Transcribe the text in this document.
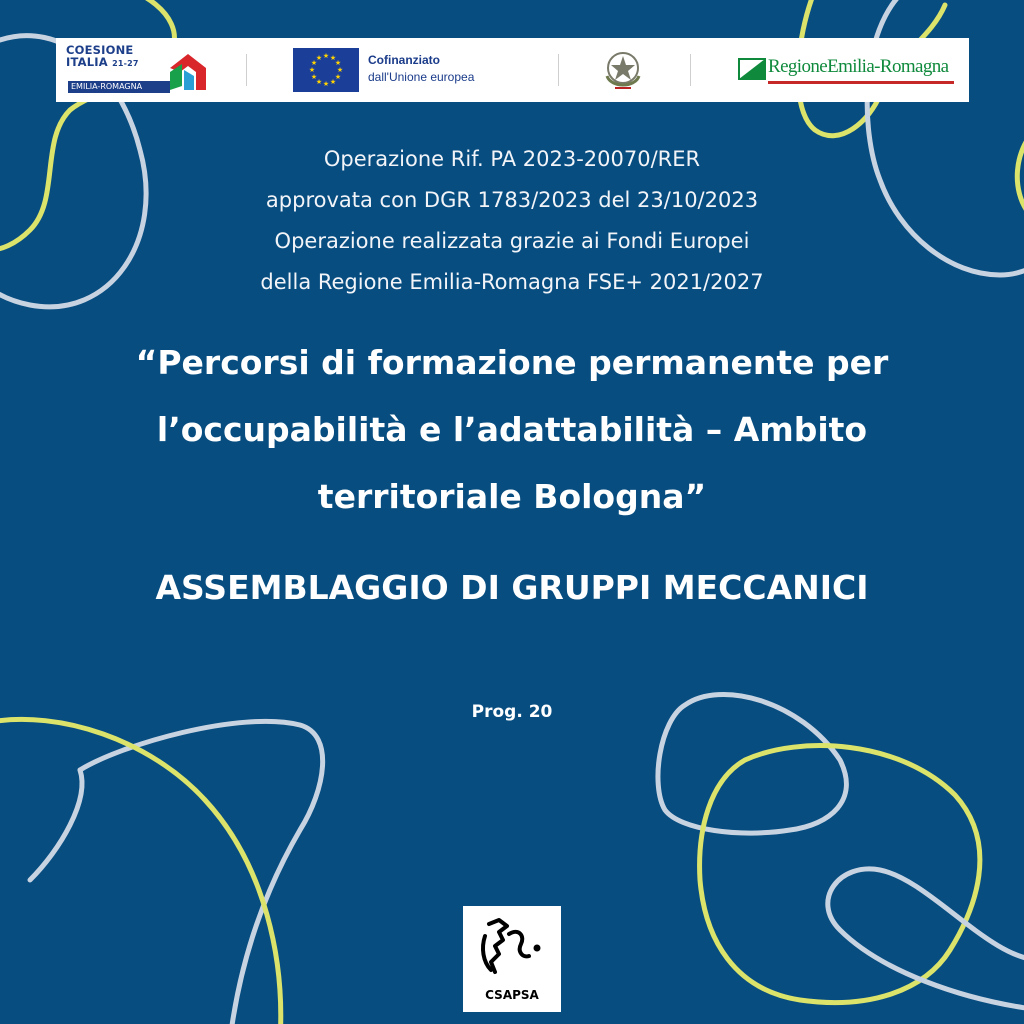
COESIONE
ITALIA 21-27
EMILIA-ROMAGNA
★ ★
★
★
★
★
★
★
★
★
★
★	Cofinanziato
dall'Unione europea	RegioneEmilia-Romagna
Operazione Rif. PA 2023-20070/RER
approvata con DGR 1783/2023 del 23/10/2023
Operazione realizzata grazie ai Fondi Europei
della Regione Emilia-Romagna FSE+ 2021/2027
“Percorsi di formazione permanente per
l’occupabilità e l’adattabilità – Ambito
territoriale Bologna”
ASSEMBLAGGIO DI GRUPPI MECCANICI
Prog. 20
CSAPSA
